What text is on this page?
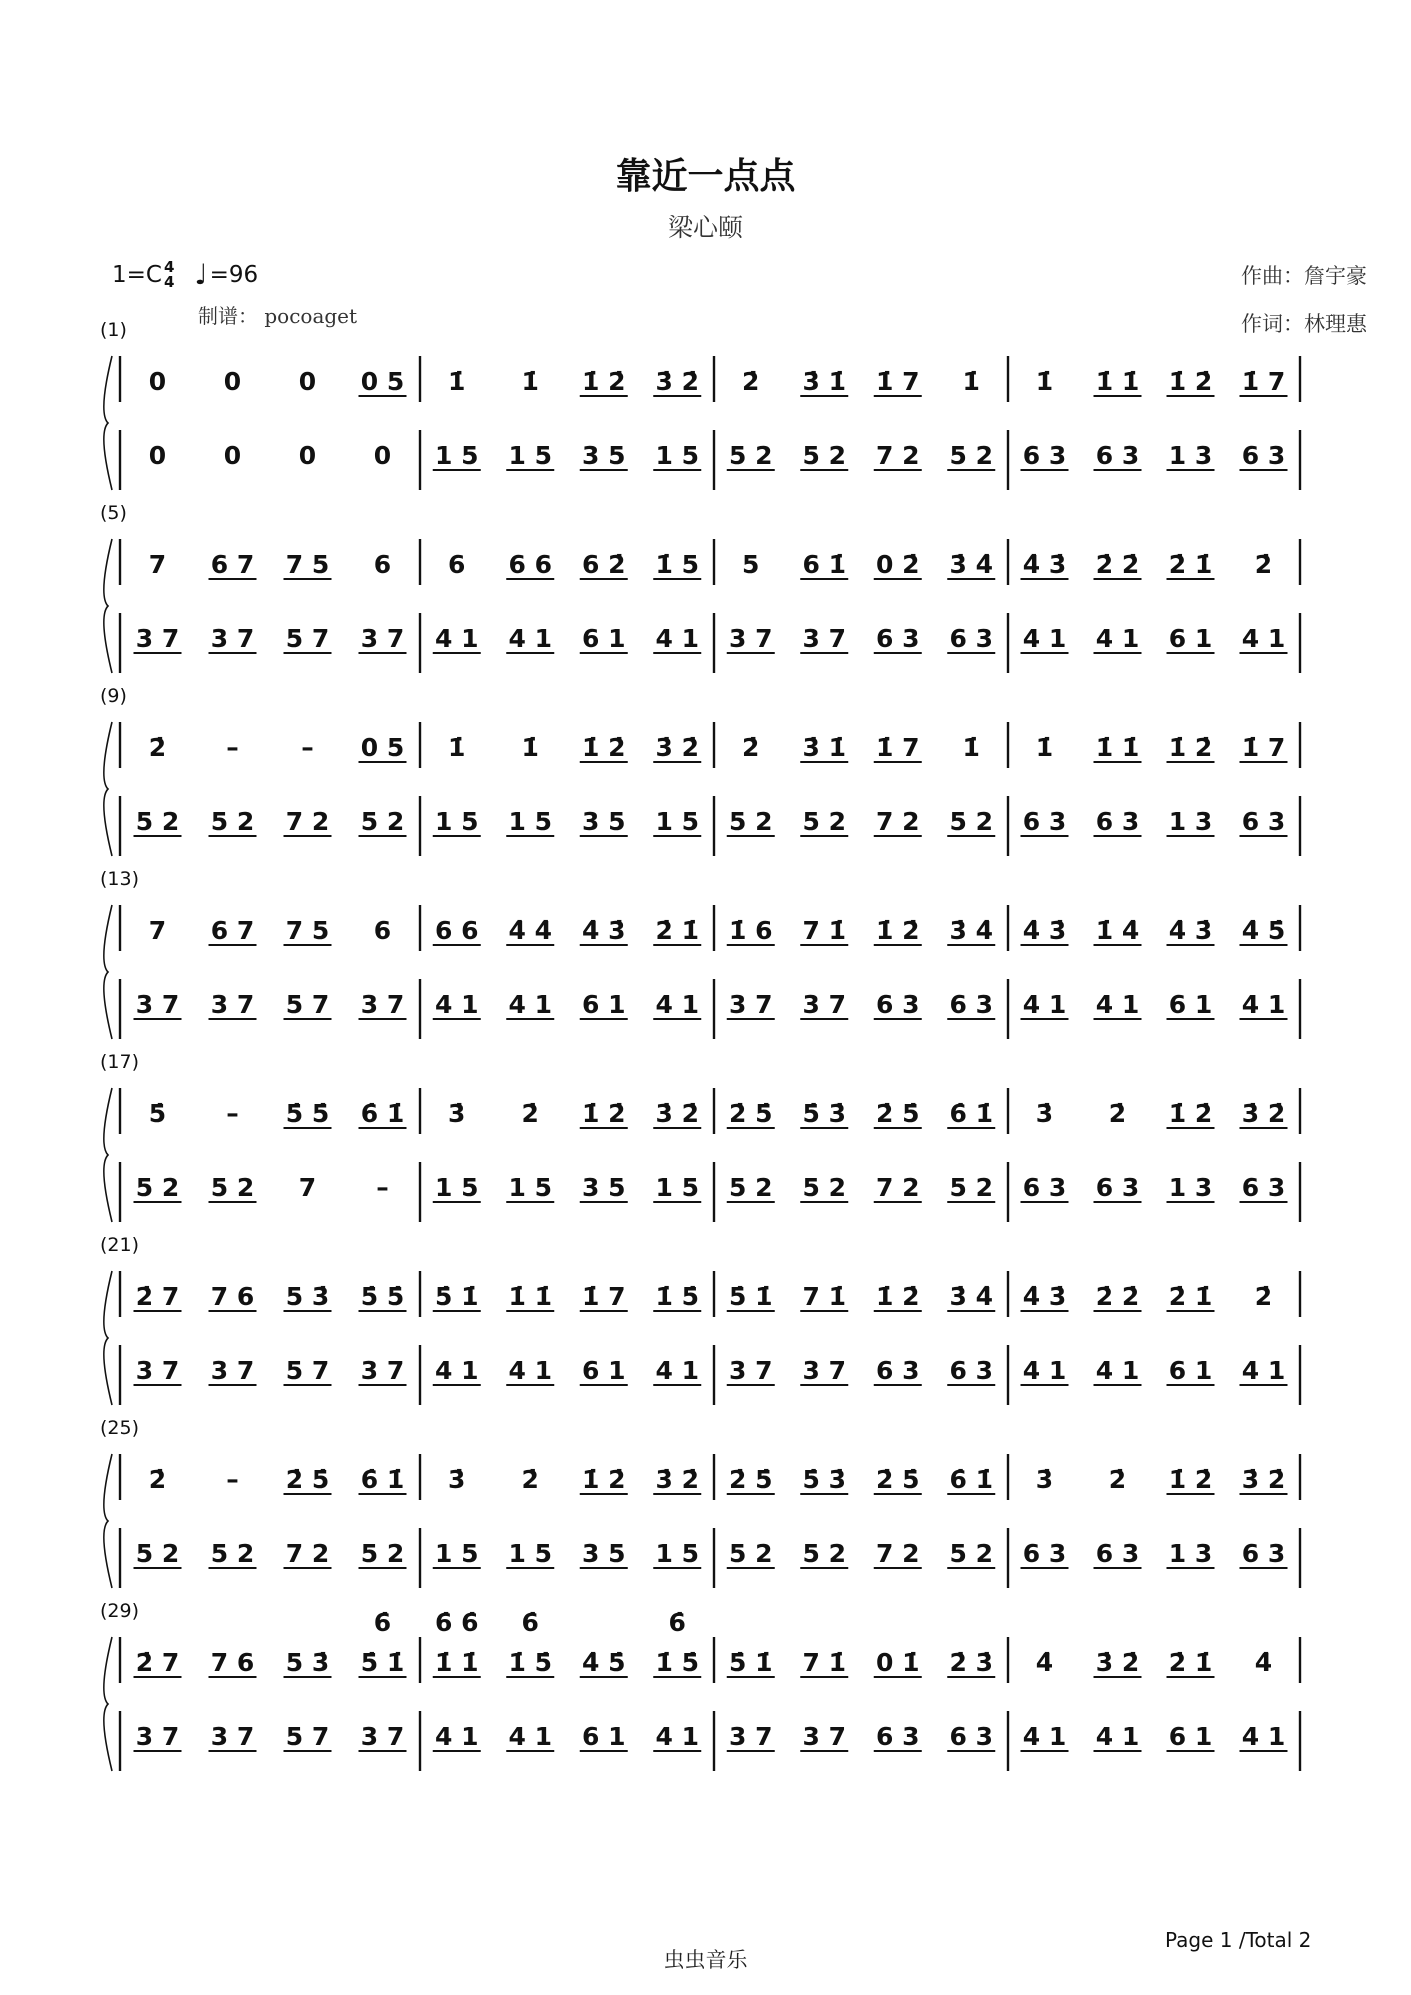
靠近一点点
梁心颐
1=C 4
4 ♩ =96
制谱： pocoaget
作曲：詹宇豪
作词：林理惠
(1)
0 0 0 0 5 1̇ 1̇ 1̇ 2̇ 3̇ 2̇ 2̇ 3̇ 1̇ 1̇ 7 1̇ 1̇ 1̇ 1̇ 1̇ 2̇ 1̇ 7
0 0 0 0 1 5 1 5 3 5 1 5 5 2 5 2 7 2 5 2 6 3 6 3 1 3 6 3
(5)
7 6 7 7 5 6 6 6 6 6 2̇ 1̇ 5 5 6 1̇ 0 2̇ 3̇ 4̇ 4̇ 3̇ 2̇ 2̇ 2̇ 1̇ 2̇
3 7 3 7 5 7 3 7 4 1 4 1 6 1 4 1 3 7 3 7 6 3 6 3 4 1 4 1 6 1 4 1
(9)
2̇ –	– 0 5 1̇ 1̇ 1̇ 2̇ 3̇ 2̇ 2̇ 3̇ 1̇ 1̇ 7 1̇ 1̇ 1̇ 1̇ 1̇ 2̇ 1̇ 7
5 2 5 2 7 2 5 2 1 5 1 5 3 5 1 5 5 2 5 2 7 2 5 2 6 3 6 3 1 3 6 3
(13)
7 6 7 7 5 6 6 6 4̇ 4̇ 4̇ 3̇ 2̇ 1̇ 1̇ 6 7 1̇ 1̇ 2̇ 3̇ 4̇ 4̇ 3̇ 1̇ 4̇ 4̇ 3̇ 4̇ 5̇
3 7 3 7 5 7 3 7 4 1 4 1 6 1 4 1 3 7 3 7 6 3 6 3 4 1 4 1 6 1 4 1
(17)
5̇ – 5̇ 5̇ 6̇ 1̇ 3̇ 2̇ 1̇ 2̇ 3̇ 2̇ 2̇ 5̇ 5̇ 3̇ 2̇ 5̇ 6̇ 1̇ 3̇ 2̇ 1̇ 2̇ 3̇ 2̇
5 2 5 2 7 – 1 5 1 5 3 5 1 5 5 2 5 2 7 2 5 2 6 3 6 3 1 3 6 3
(21)
2̇ 7 7 6 5 3̇ 5̇ 5̇ 5̇ 1̇ 1̇ 1̇ 1̇ 7 1̇ 5̇ 5̇ 1̇ 7 1̇ 1̇ 2̇ 3̇ 4̇ 4̇ 3̇ 2̇ 2̇ 2̇ 1̇ 2̇
3 7 3 7 5 7 3 7 4 1 4 1 6 1 4 1 3 7 3 7 6 3 6 3 4 1 4 1 6 1 4 1
(25)
2̇ – 2̇ 5̇ 6̇ 1̇ 3̇ 2̇ 1̇ 2̇ 3̇ 2̇ 2̇ 5̇ 5̇ 3̇ 2̇ 5̇ 6̇ 1̇ 3̇ 2̇ 1̇ 2̇ 3̇ 2̇
5 2 5 2 7 2 5 2 1 5 1 5 3 5 1 5 5 2 5 2 7 2 5 2 6 3 6 3 1 3 6 3
(29)
2̇ 7 7 6 5 3̇ 5̇ 1̇ 1̇ 1̇ 1̇ 5̇ 4̇ 5̇ 1̇ 5̇ 5̇ 1̇ 7 1̇ 0 1̇ 2̇ 3̇ 4̇ 3̇ 2̇ 2̇ 1̇ 4̇
3 7 3 7 5 7 3 7 4 1 4 1 6 1 4 1 3 7 3 7 6 3 6 3 4 1 4 1 6 1 4 1
6̇ 6̇ 6̇ 6̇	6̇
Page 1 /Total 2
虫虫音乐
